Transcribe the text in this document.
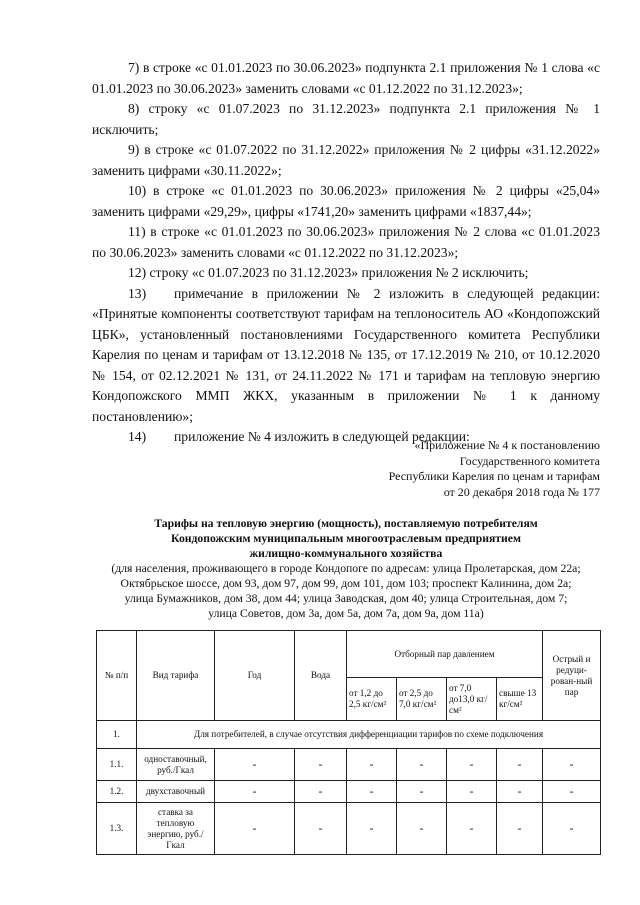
7) в строке «с 01.01.2023 по 30.06.2023» подпункта 2.1 приложения № 1 слова «с 01.01.2023 по 30.06.2023» заменить словами «с 01.12.2022 по 31.12.2023»;

8) строку «с 01.07.2023 по 31.12.2023» подпункта 2.1 приложения № 1 исключить;

9) в строке «с 01.07.2022 по 31.12.2022» приложения № 2 цифры «31.12.2022» заменить цифрами «30.11.2022»;

10) в строке «с 01.01.2023 по 30.06.2023» приложения № 2 цифры «25,04» заменить цифрами «29,29», цифры «1741,20» заменить цифрами «1837,44»;

11) в строке «с 01.01.2023 по 30.06.2023» приложения № 2 слова «с 01.01.2023 по 30.06.2023» заменить словами «с 01.12.2022 по 31.12.2023»;

12) строку «с 01.07.2023 по 31.12.2023» приложения № 2 исключить;

13) примечание в приложении № 2 изложить в следующей редакции: «Принятые компоненты соответствуют тарифам на теплоноситель АО «Кондопожский ЦБК», установленный постановлениями Государственного комитета Республики Карелия по ценам и тарифам от 13.12.2018 № 135, от 17.12.2019 № 210, от 10.12.2020 № 154, от 02.12.2021 № 131, от 24.11.2022 № 171 и тарифам на тепловую энергию Кондопожского ММП ЖКХ, указанным в приложении № 1 к данному постановлению»;

14) приложение № 4 изложить в следующей редакции:

«Приложение № 4 к постановлению
Государственного комитета
Республики Карелия по ценам и тарифам
от 20 декабря 2018 года № 177
Тарифы на тепловую энергию (мощность), поставляемую потребителям
Кондопожским муниципальным многоотраслевым предприятием
жилищно-коммунального хозяйства
(для населения, проживающего в городе Кондопоге по адресам: улица Пролетарская, дом 22а;
Октябрьское шоссе, дом 93, дом 97, дом 99, дом 101, дом 103; проспект Калинина, дом 2а;
улица Бумажников, дом 38, дом 44; улица Заводская, дом 40; улица Строительная, дом 7;
улица Советов, дом 3а, дом 5а, дом 7а, дом 9а, дом 11а)
№ п/п	Вид тарифа	Год	Вода	Отборный пар давлением				Острый и редуци-рован-ный пар
				от 1,2 до 2,5 кг/см²	от 2,5 до 7,0 кг/см²	от 7,0 до13,0 кг/см²	свыше 13 кг/см²	
1.	Для потребителей, в случае отсутствия дифференциации тарифов по схеме подключения							
1.1.	одноставочный, руб./Гкал	-	-	-	-	-	-	-
1.2.	двухставочный	-	-	-	-	-	-	-
1.3.	ставка за тепловую энергию, руб./Гкал	-	-	-	-	-	-	-
